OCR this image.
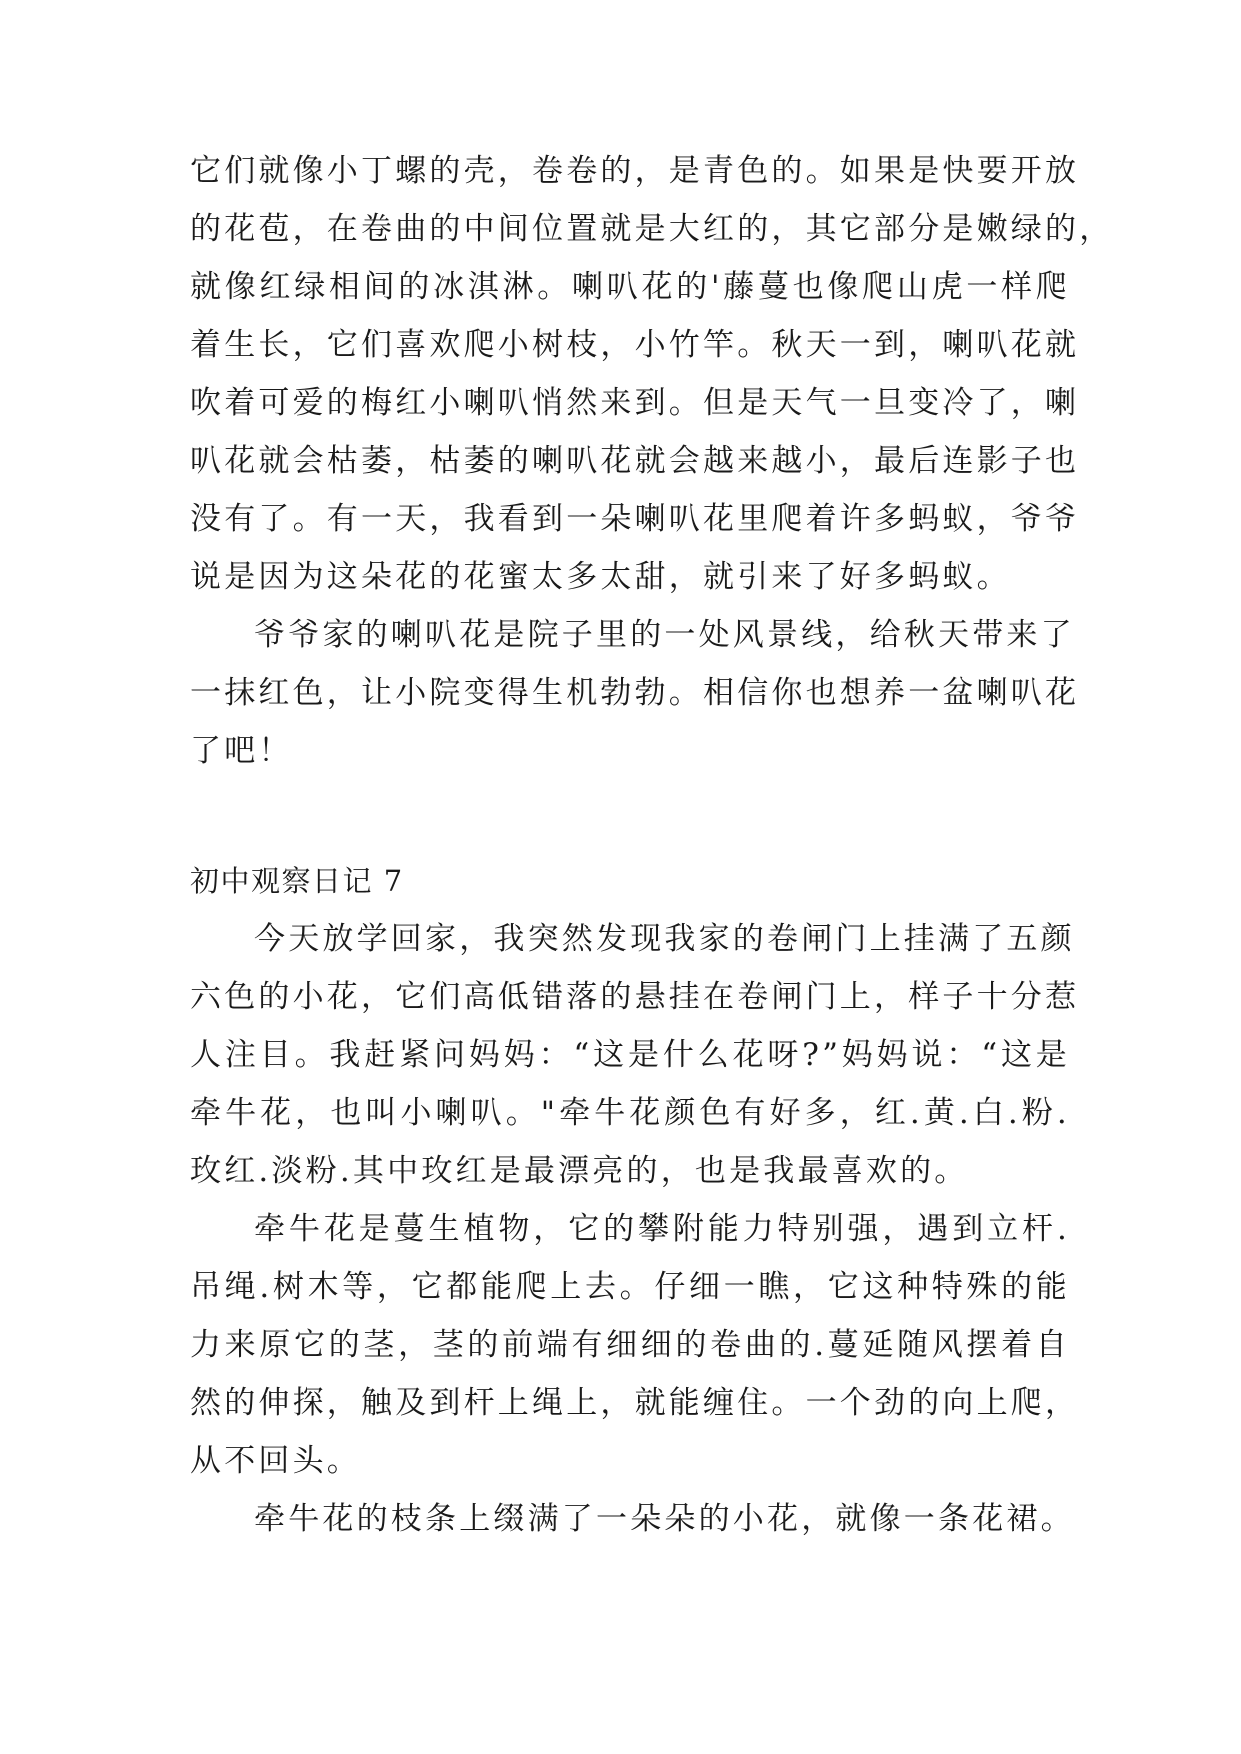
它们就像小丁螺的壳，卷卷的，是青色的。如果是快要开放
的花苞，在卷曲的中间位置就是大红的，其它部分是嫩绿的，
就像红绿相间的冰淇淋。喇叭花的'藤蔓也像爬山虎一样爬
着生长，它们喜欢爬小树枝，小竹竿。秋天一到，喇叭花就
吹着可爱的梅红小喇叭悄然来到。但是天气一旦变冷了，喇
叭花就会枯萎，枯萎的喇叭花就会越来越小，最后连影子也
没有了。有一天，我看到一朵喇叭花里爬着许多蚂蚁，爷爷
说是因为这朵花的花蜜太多太甜，就引来了好多蚂蚁。
爷爷家的喇叭花是院子里的一处风景线，给秋天带来了
一抹红色，让小院变得生机勃勃。相信你也想养一盆喇叭花
了吧！
初中观察日记 7
今天放学回家，我突然发现我家的卷闸门上挂满了五颜
六色的小花，它们高低错落的悬挂在卷闸门上，样子十分惹
人注目。我赶紧问妈妈：“这是什么花呀?”妈妈说：“这是
牵牛花，也叫小喇叭。"牵牛花颜色有好多，红.黄.白.粉.
玫红.淡粉.其中玫红是最漂亮的，也是我最喜欢的。
牵牛花是蔓生植物，它的攀附能力特别强，遇到立杆.
吊绳.树木等，它都能爬上去。仔细一瞧，它这种特殊的能
力来原它的茎，茎的前端有细细的卷曲的.蔓延随风摆着自
然的伸探，触及到杆上绳上，就能缠住。一个劲的向上爬，
从不回头。
牵牛花的枝条上缀满了一朵朵的小花，就像一条花裙。
